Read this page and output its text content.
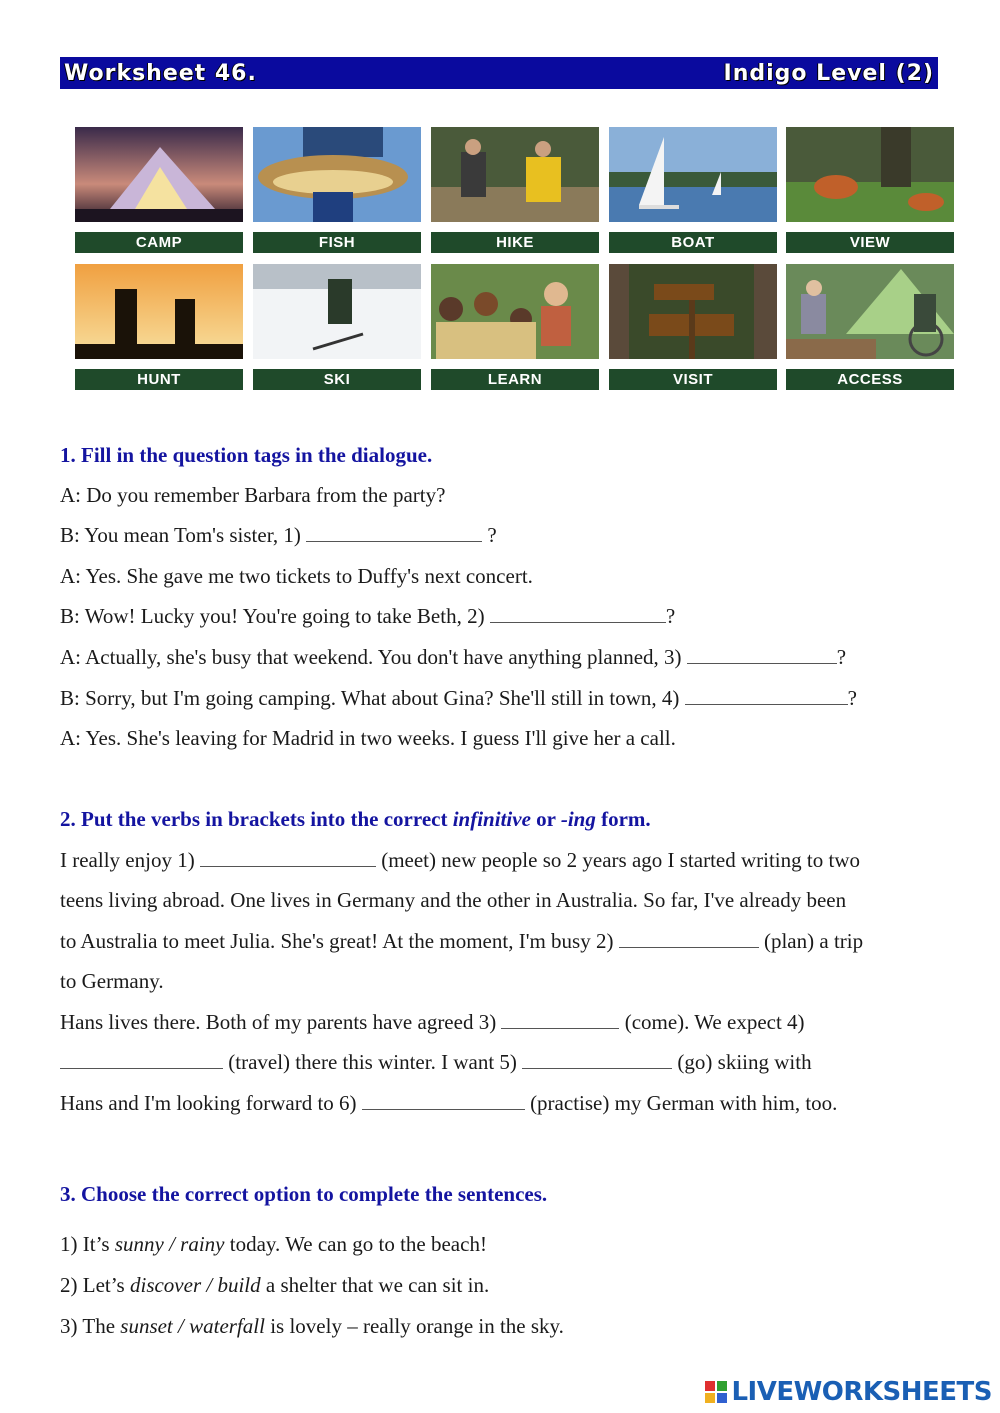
Worksheet 46.	Indigo Level (2)
CAMP	FISH	HIKE	BOAT	VIEW
HUNT	SKI	LEARN	VISIT	ACCESS
1. Fill in the question tags in the dialogue.
A: Do you remember Barbara from the party?
B: You mean Tom's sister, 1)	?
A: Yes. She gave me two tickets to Duffy's next concert.
B: Wow! Lucky you! You're going to take Beth, 2)	?
A: Actually, she's busy that weekend. You don't have anything planned, 3)	?
B: Sorry, but I'm going camping. What about Gina? She'll still in town, 4)	?
A: Yes. She's leaving for Madrid in two weeks. I guess I'll give her a call.
2. Put the verbs in brackets into the correct infinitive or -ing form.
I really enjoy 1)	(meet) new people so 2 years ago I started writing to two
teens living abroad. One lives in Germany and the other in Australia. So far, I've already been
to Australia to meet Julia. She's great! At the moment, I'm busy 2)	(plan) a trip
to Germany.
Hans lives there. Both of my parents have agreed 3)	(come). We expect 4)
(travel) there this winter. I want 5)	(go) skiing with
Hans and I'm looking forward to 6)	(practise) my German with him, too.
3. Choose the correct option to complete the sentences.
1) It’s sunny / rainy today. We can go to the beach!
2) Let’s discover / build a shelter that we can sit in.
3) The sunset / waterfall is lovely – really orange in the sky.
LIVEWORKSHEETS
